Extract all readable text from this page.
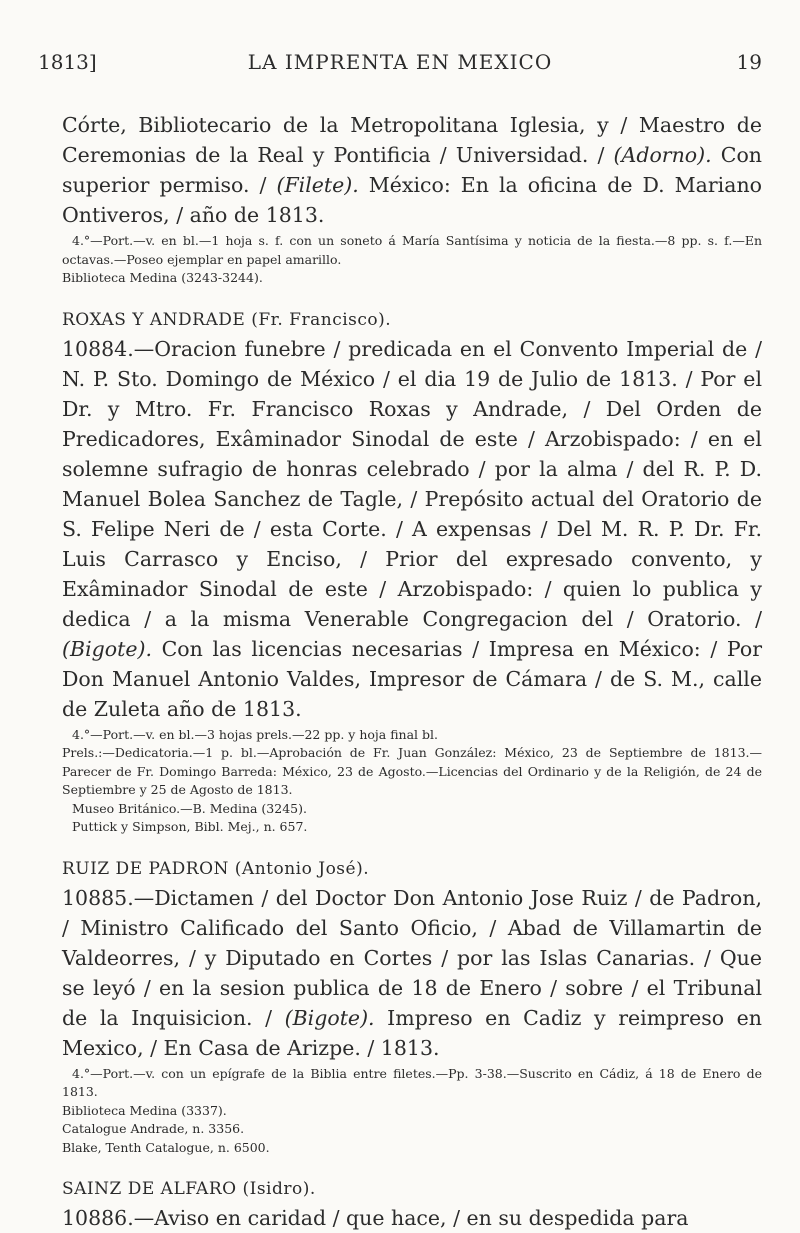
1813]	LA IMPRENTA EN MEXICO	19

Córte, Bibliotecario de la Metropolitana Iglesia, y / Maestro de Ceremonias de la Real y Pontificia / Universidad. / (Adorno). Con superior permiso. / (Filete). México: En la oficina de D. Mariano Ontiveros, / año de 1813.

4.°—Port.—v. en bl.—1 hoja s. f. con un soneto á María Santísima y noticia de la fiesta.—8 pp. s. f.—En octavas.—Poseo ejemplar en papel amarillo.

Biblioteca Medina (3243-3244).

ROXAS Y ANDRADE (Fr. Francisco).

10884.—Oracion funebre / predicada en el Convento Imperial de / N. P. Sto. Domingo de México / el dia 19 de Julio de 1813. / Por el Dr. y Mtro. Fr. Francisco Roxas y Andrade, / Del Orden de Predicadores, Exâminador Sinodal de este / Arzobispado: / en el solemne sufragio de honras celebrado / por la alma / del R. P. D. Manuel Bolea Sanchez de Tagle, / Prepósito actual del Oratorio de S. Felipe Neri de / esta Corte. / A expensas / Del M. R. P. Dr. Fr. Luis Carrasco y Enciso, / Prior del expresado convento, y Exâminador Sinodal de este / Arzobispado: / quien lo publica y dedica / a la misma Venerable Congregacion del / Oratorio. / (Bigote). Con las licencias necesarias / Impresa en México: / Por Don Manuel Antonio Valdes, Impresor de Cámara / de S. M., calle de Zuleta año de 1813.

4.°—Port.—v. en bl.—3 hojas prels.—22 pp. y hoja final bl.

Prels.:—Dedicatoria.—1 p. bl.—Aprobación de Fr. Juan González: México, 23 de Septiembre de 1813.—Parecer de Fr. Domingo Barreda: México, 23 de Agosto.—Licencias del Ordinario y de la Religión, de 24 de Septiembre y 25 de Agosto de 1813.

Museo Británico.—B. Medina (3245).

Puttick y Simpson, Bibl. Mej., n. 657.

RUIZ DE PADRON (Antonio José).

10885.—Dictamen / del Doctor Don Antonio Jose Ruiz / de Padron, / Ministro Calificado del Santo Oficio, / Abad de Villamartin de Valdeorres, / y Diputado en Cortes / por las Islas Canarias. / Que se leyó / en la sesion publica de 18 de Enero / sobre / el Tribunal de la Inquisicion. / (Bigote). Impreso en Cadiz y reimpreso en Mexico, / En Casa de Arizpe. / 1813.

4.°—Port.—v. con un epígrafe de la Biblia entre filetes.—Pp. 3-38.—Suscrito en Cádiz, á 18 de Enero de 1813.

Biblioteca Medina (3337).

Catalogue Andrade, n. 3356.

Blake, Tenth Catalogue, n. 6500.

SAINZ DE ALFARO (Isidro).

10886.—Aviso en caridad / que hace, / en su despedida para
